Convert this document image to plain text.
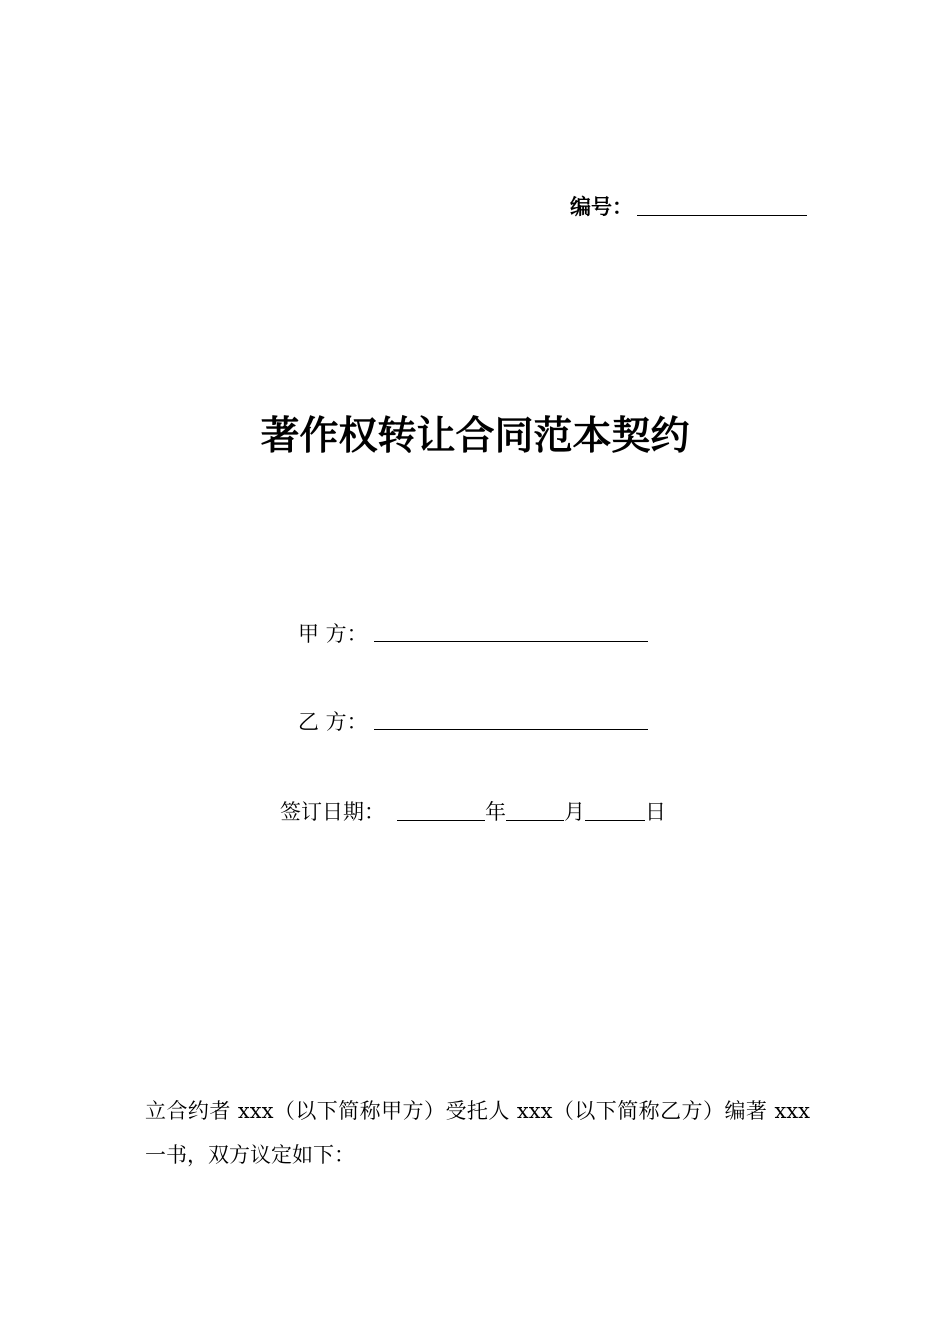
编号：
著作权转让合同范本契约
甲 方：
乙 方：
签订日期：	年	月	日

立合约者 xxx（以下简称甲方）受托人 xxx（以下简称乙方）编著 xxx 一书，双方议定如下：
